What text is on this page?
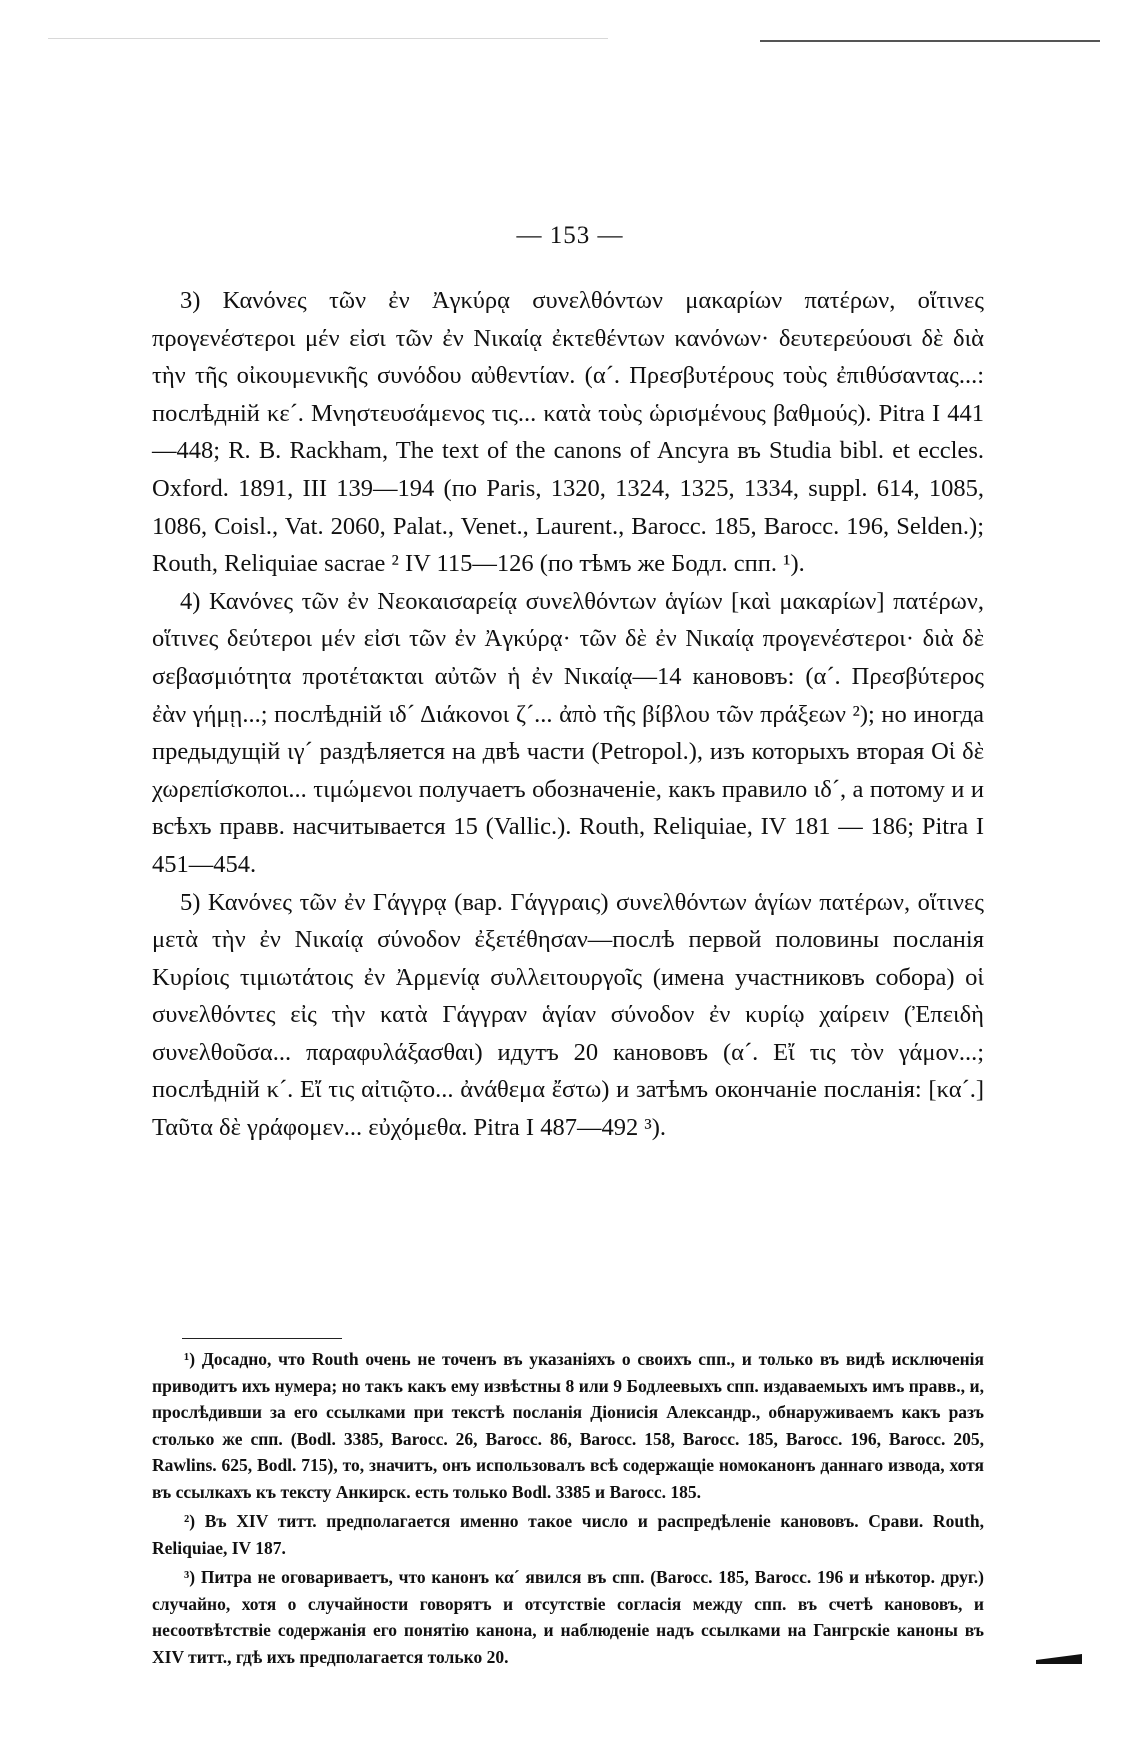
— 153 —

3) Κανόνες τῶν ἐν Ἀγκύρᾳ συνελθόντων μακαρίων πατέρων, οἵτινες προγενέστεροι μέν εἰσι τῶν ἐν Νικαίᾳ ἐκτεθέντων κανόνων· δευτερεύουσι δὲ διὰ τὴν τῆς οἰκουμενικῆς συνόδου αὐθεντίαν. (α´. Πρεσβυτέρους τοὺς ἐπιθύσαντας...: послѣднiй κε´. Μνηστευσάμενος τις... κατὰ τοὺς ὡρισμένους βαθμούς). Pitra I 441—448; R. B. Rackham, The text of the canons of Ancyra въ Studia bibl. et eccles. Oxford. 1891, III 139—194 (по Paris, 1320, 1324, 1325, 1334, suppl. 614, 1085, 1086, Coisl., Vat. 2060, Palat., Venet., Laurent., Barocc. 185, Barocc. 196, Selden.); Routh, Reliquiae sacrae ² IV 115—126 (по тѣмъ же Бодл. спп. ¹).

4) Κανόνες τῶν ἐν Νεοκαισαρείᾳ συνελθόντων ἁγίων [καὶ μακαρίων] πατέρων, οἵτινες δεύτεροι μέν εἰσι τῶν ἐν Ἀγκύρᾳ· τῶν δὲ ἐν Νικαίᾳ προγενέστεροι· διὰ δὲ σεβασμιότητα προτέτακται αὐτῶν ἡ ἐν Νικαίᾳ—14 канововъ: (α´. Πρεσβύτερος ἐὰν γήμῃ...; послѣднiй ιδ´ Διάκονοι ζ´... ἀπὸ τῆς βίβλου τῶν πράξεων ²); но иногда предыдущiй ιγ´ раздѣляется на двѣ части (Petropol.), изъ которыхъ вторая Οἱ δὲ χωρεπίσκοποι... τιμώμενοι получаетъ обозначенiе, какъ правило ιδ´, а потому и и всѣхъ правв. насчитывается 15 (Vallic.). Routh, Reliquiae, IV 181 — 186; Pitra I 451—454.

5) Κανόνες τῶν ἐν Γάγγρᾳ (вар. Γάγγραις) συνελθόντων ἁγίων πατέρων, οἵτινες μετὰ τὴν ἐν Νικαίᾳ σύνοδον ἐξετέθησαν—послѣ первой половины посланiя Κυρίοις τιμιωτάτοις ἐν Ἀρμενίᾳ συλλειτουργοῖς (имена участниковъ собора) οἱ συνελθόντες εἰς τὴν κατὰ Γάγγραν ἁγίαν σύνοδον ἐν κυρίῳ χαίρειν (Ἐπειδὴ συνελθοῦσα... παραφυλάξασθαι) идутъ 20 канововъ (α´. Εἴ τις τὸν γάμον...; послѣднiй κ´. Εἴ τις αἰτιῷτο... ἀνάθεμα ἔστω) и затѣмъ окончанiе посланiя: [κα´.] Ταῦτα δὲ γράφομεν... εὐχόμεθα. Pitra I 487—492 ³).

¹) Досадно, что Routh очень не точенъ въ указанiяхъ о своихъ спп., и только въ видѣ исключенiя приводитъ ихъ нумера; но такъ какъ ему извѣстны 8 или 9 Бодлеевыхъ спп. издаваемыхъ имъ правв., и, прослѣдивши за его ссылками при текстѣ посланiя Дiонисiя Александр., обнаруживаемъ какъ разъ столько же спп. (Bodl. 3385, Barocc. 26, Barocc. 86, Barocc. 158, Barocc. 185, Barocc. 196, Barocc. 205, Rawlins. 625, Bodl. 715), то, значитъ, онъ использовалъ всѣ содержащiе номоканонъ даннаго извода, хотя въ ссылкахъ къ тексту Анкирск. есть только Bodl. 3385 и Barocc. 185.

²) Въ XIV титт. предполагается именно такое число и распредѣленiе канововъ. Срави. Routh, Reliquiae, IV 187.

³) Питра не оговариваетъ, что канонъ κα´ явился въ спп. (Barocc. 185, Barocc. 196 и нѣкотор. друг.) случайно, хотя о случайности говорятъ и отсутствiе согласiя между спп. въ счетѣ канововъ, и несоотвѣтствiе содержанiя его понятiю канона, и наблюденiе надъ ссылками на Гангрскiе каноны въ XIV титт., гдѣ ихъ предполагается только 20.
